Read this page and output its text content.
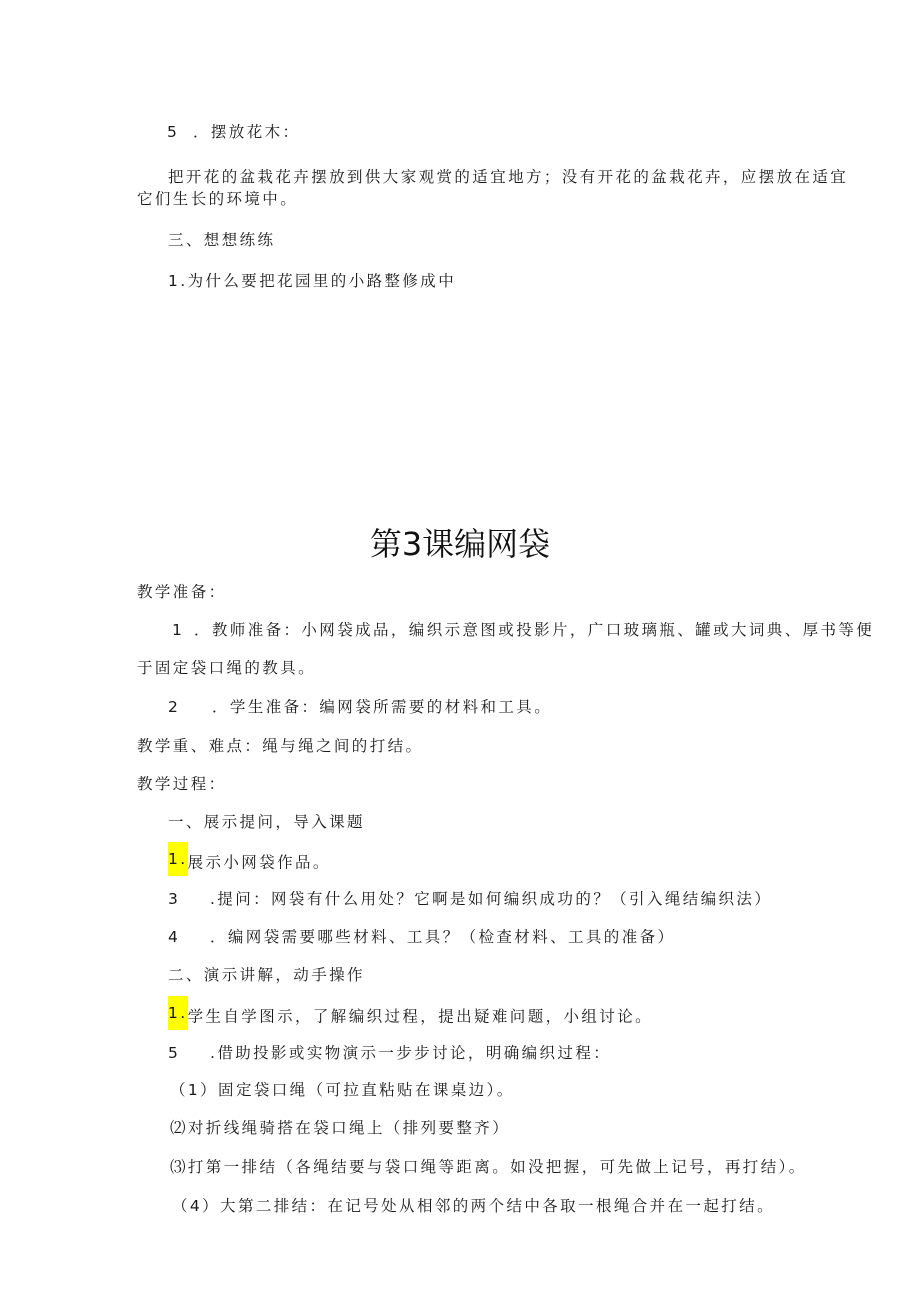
5 ．摆放花木：
把开花的盆栽花卉摆放到供大家观赏的适宜地方；没有开花的盆栽花卉，应摆放在适宜
它们生长的环境中。
三、想想练练
1.为什么要把花园里的小路整修成中
第3课编网袋
教学准备：
1 ．教师准备：小网袋成品，编织示意图或投影片，广口玻璃瓶、罐或大词典、厚书等便
于固定袋口绳的教具。
2 ．学生准备：编网袋所需要的材料和工具。
教学重、难点：绳与绳之间的打结。
教学过程：
一、展示提问，导入课题
1.展示小网袋作品。
3 .提问：网袋有什么用处？它啊是如何编织成功的？（引入绳结编织法）
4 ．编网袋需要哪些材料、工具？（检查材料、工具的准备）
二、演示讲解，动手操作
1.学生自学图示，了解编织过程，提出疑难问题，小组讨论。
5 .借助投影或实物演示一步步讨论，明确编织过程：
（1）固定袋口绳（可拉直粘贴在课桌边）。
⑵对折线绳骑搭在袋口绳上（排列要整齐）
⑶打第一排结（各绳结要与袋口绳等距离。如没把握，可先做上记号，再打结）。
（4）大第二排结：在记号处从相邻的两个结中各取一根绳合并在一起打结。
